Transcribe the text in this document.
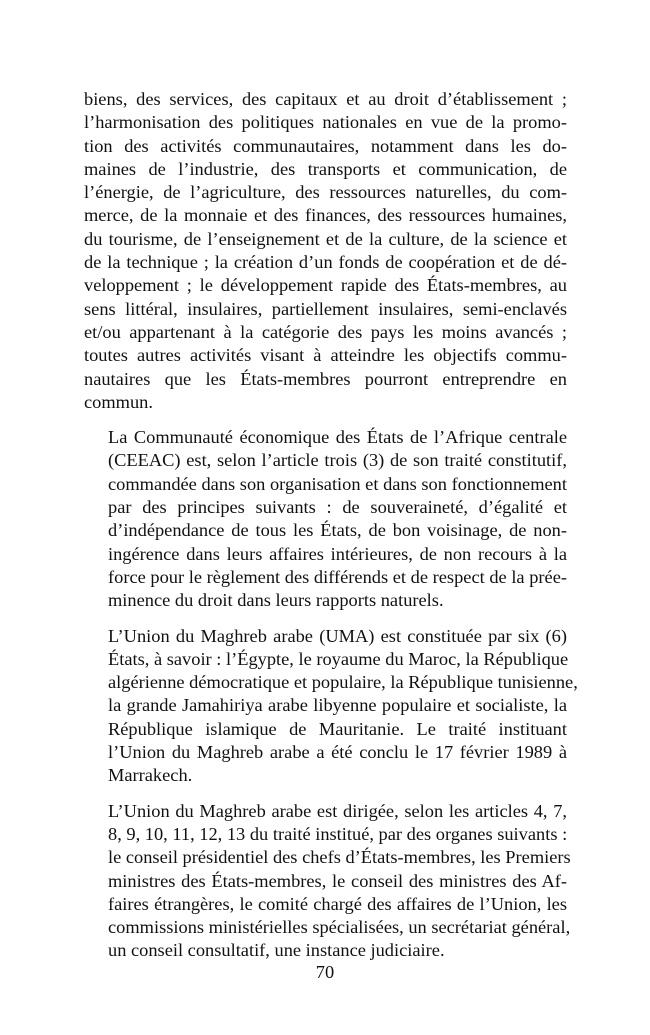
biens, des services, des capitaux et au droit d’établissement ;
l’harmonisation des politiques nationales en vue de la promo-
tion des activités communautaires, notamment dans les do-
maines de l’industrie, des transports et communication, de
l’énergie, de l’agriculture, des ressources naturelles, du com-
merce, de la monnaie et des finances, des ressources humaines,
du tourisme, de l’enseignement et de la culture, de la science et
de la technique ; la création d’un fonds de coopération et de dé-
veloppement ; le développement rapide des États-membres, au
sens littéral, insulaires, partiellement insulaires, semi-enclavés
et/ou appartenant à la catégorie des pays les moins avancés ;
toutes autres activités visant à atteindre les objectifs commu-
nautaires que les États-membres pourront entreprendre en
commun.
La Communauté économique des États de l’Afrique centrale
(CEEAC) est, selon l’article trois (3) de son traité constitutif,
commandée dans son organisation et dans son fonctionnement
par des principes suivants : de souveraineté, d’égalité et
d’indépendance de tous les États, de bon voisinage, de non-
ingérence dans leurs affaires intérieures, de non recours à la
force pour le règlement des différends et de respect de la prée-
minence du droit dans leurs rapports naturels.
L’Union du Maghreb arabe (UMA) est constituée par six (6)
États, à savoir : l’Égypte, le royaume du Maroc, la République
algérienne démocratique et populaire, la République tunisienne,
la grande Jamahiriya arabe libyenne populaire et socialiste, la
République islamique de Mauritanie. Le traité instituant
l’Union du Maghreb arabe a été conclu le 17 février 1989 à
Marrakech.
L’Union du Maghreb arabe est dirigée, selon les articles 4, 7,
8, 9, 10, 11, 12, 13 du traité institué, par des organes suivants :
le conseil présidentiel des chefs d’États-membres, les Premiers
ministres des États-membres, le conseil des ministres des Af-
faires étrangères, le comité chargé des affaires de l’Union, les
commissions ministérielles spécialisées, un secrétariat général,
un conseil consultatif, une instance judiciaire.
70
